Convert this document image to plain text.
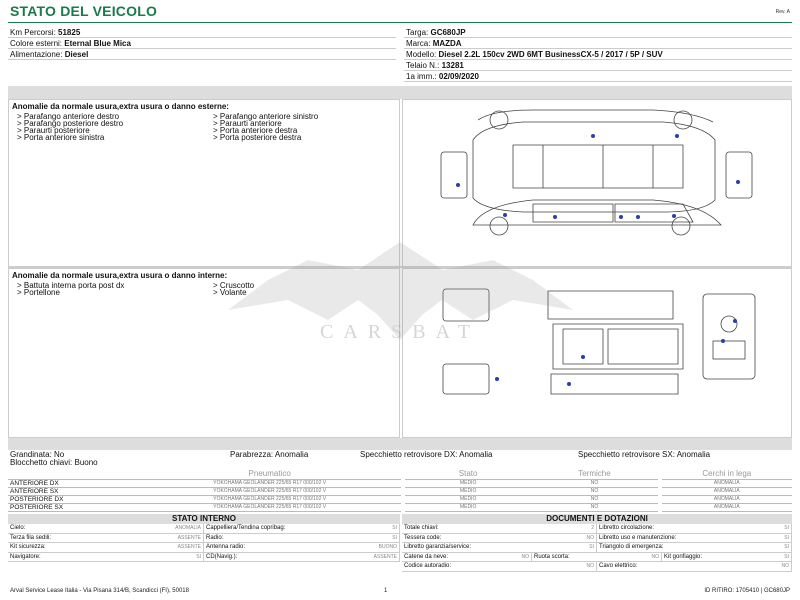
STATO DEL VEICOLO	Rev. A
Km Percorsi: 51825
Colore esterni: Eternal Blue Mica
Alimentazione: Diesel
Targa: GC680JP
Marca: MAZDA
Modello: Diesel 2.2L 150cv 2WD 6MT BusinessCX-5 / 2017 / 5P / SUV
Telaio N.: 13281
1a imm.: 02/09/2020
Anomalie da normale usura,extra usura o danno esterne:
> Parafango anteriore destro	> Parafango anteriore sinistro
> Parafango posteriore destro	> Paraurti anteriore
> Paraurti posteriore	> Porta anteriore destra
> Porta anteriore sinistra	> Porta posteriore destra
Anomalie da normale usura,extra usura o danno interne:
> Battuta interna porta post dx	> Cruscotto
> Portellone	> Volante
CARSBAT
Grandinata: No	Parabrezza: Anomalia	Specchietto retrovisore DX: Anomalia	Specchietto retrovisore SX: Anomalia
Blocchetto chiavi: Buono
	Pneumatico		Stato	Termiche		Cerchi in lega
ANTERIORE DX	YOKOHAMA GEOLANDER 225/65 R17 000/102 V		MEDIO	NO		ANOMALIA
ANTERIORE SX	YOKOHAMA GEOLANDER 225/65 R17 000/102 V		MEDIO	NO		ANOMALIA
POSTERIORE DX	YOKOHAMA GEOLANDER 225/65 R17 000/102 V		MEDIO	NO		ANOMALIA
POSTERIORE SX	YOKOHAMA GEOLANDER 225/65 R17 000/102 V		MEDIO	NO		ANOMALIA
STATO INTERNO	DOCUMENTI E DOTAZIONI
Cielo:	ANOMALIA Cappelliera/Tendina copribag:	SI
Terza fila sedili:	ASSENTE Radio:	SI
Kit sicurezza:	ASSENTE Antenna radio:	BUONO
Navigatore:	SI CD(Navig.):	ASSENTE
Totale chiavi:	2 Libretto circolazione:	SI
Tessera code:	NO Libretto uso e manutenzione:	SI
Libretto garanzia/service:	SI Triangolo di emergenza:	SI
Catene da neve:	NO Ruota scorta:	NO Kit gonfiaggio:	SI
Codice autoradio:	NO Cavo elettrico:	NO
Arval Service Lease Italia - Via Pisana 314/B, Scandicci (FI), 50018	1	ID RITIRO: 1705410 | GC680JP
